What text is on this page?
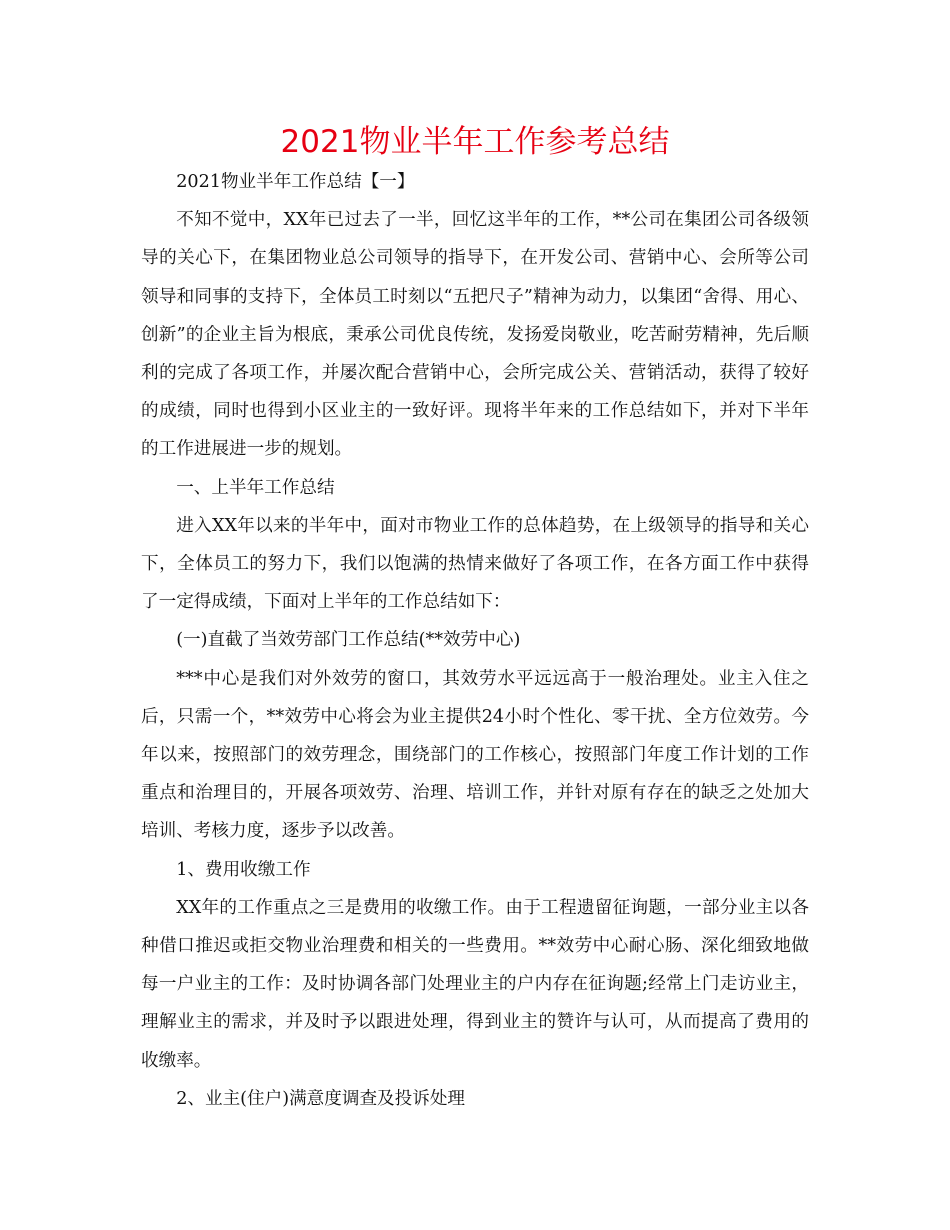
2021物业半年工作参考总结

2021物业半年工作总结【一】

不知不觉中，XX年已过去了一半，回忆这半年的工作，**公司在集团公司各级领导的关心下，在集团物业总公司领导的指导下，在开发公司、营销中心、会所等公司领导和同事的支持下，全体员工时刻以“五把尺子”精神为动力，以集团“舍得、用心、创新”的企业主旨为根底，秉承公司优良传统，发扬爱岗敬业，吃苦耐劳精神，先后顺利的完成了各项工作，并屡次配合营销中心，会所完成公关、营销活动，获得了较好的成绩，同时也得到小区业主的一致好评。现将半年来的工作总结如下，并对下半年的工作进展进一步的规划。

一、上半年工作总结

进入XX年以来的半年中，面对市物业工作的总体趋势，在上级领导的指导和关心下，全体员工的努力下，我们以饱满的热情来做好了各项工作，在各方面工作中获得了一定得成绩，下面对上半年的工作总结如下：

(一)直截了当效劳部门工作总结(**效劳中心)

***中心是我们对外效劳的窗口，其效劳水平远远高于一般治理处。业主入住之后，只需一个，**效劳中心将会为业主提供24小时个性化、零干扰、全方位效劳。今年以来，按照部门的效劳理念，围绕部门的工作核心，按照部门年度工作计划的工作重点和治理目的，开展各项效劳、治理、培训工作，并针对原有存在的缺乏之处加大培训、考核力度，逐步予以改善。

1、费用收缴工作

XX年的工作重点之三是费用的收缴工作。由于工程遗留征询题，一部分业主以各种借口推迟或拒交物业治理费和相关的一些费用。**效劳中心耐心肠、深化细致地做每一户业主的工作：及时协调各部门处理业主的户内存在征询题;经常上门走访业主，理解业主的需求，并及时予以跟进处理，得到业主的赞许与认可，从而提高了费用的收缴率。

2、业主(住户)满意度调查及投诉处理
